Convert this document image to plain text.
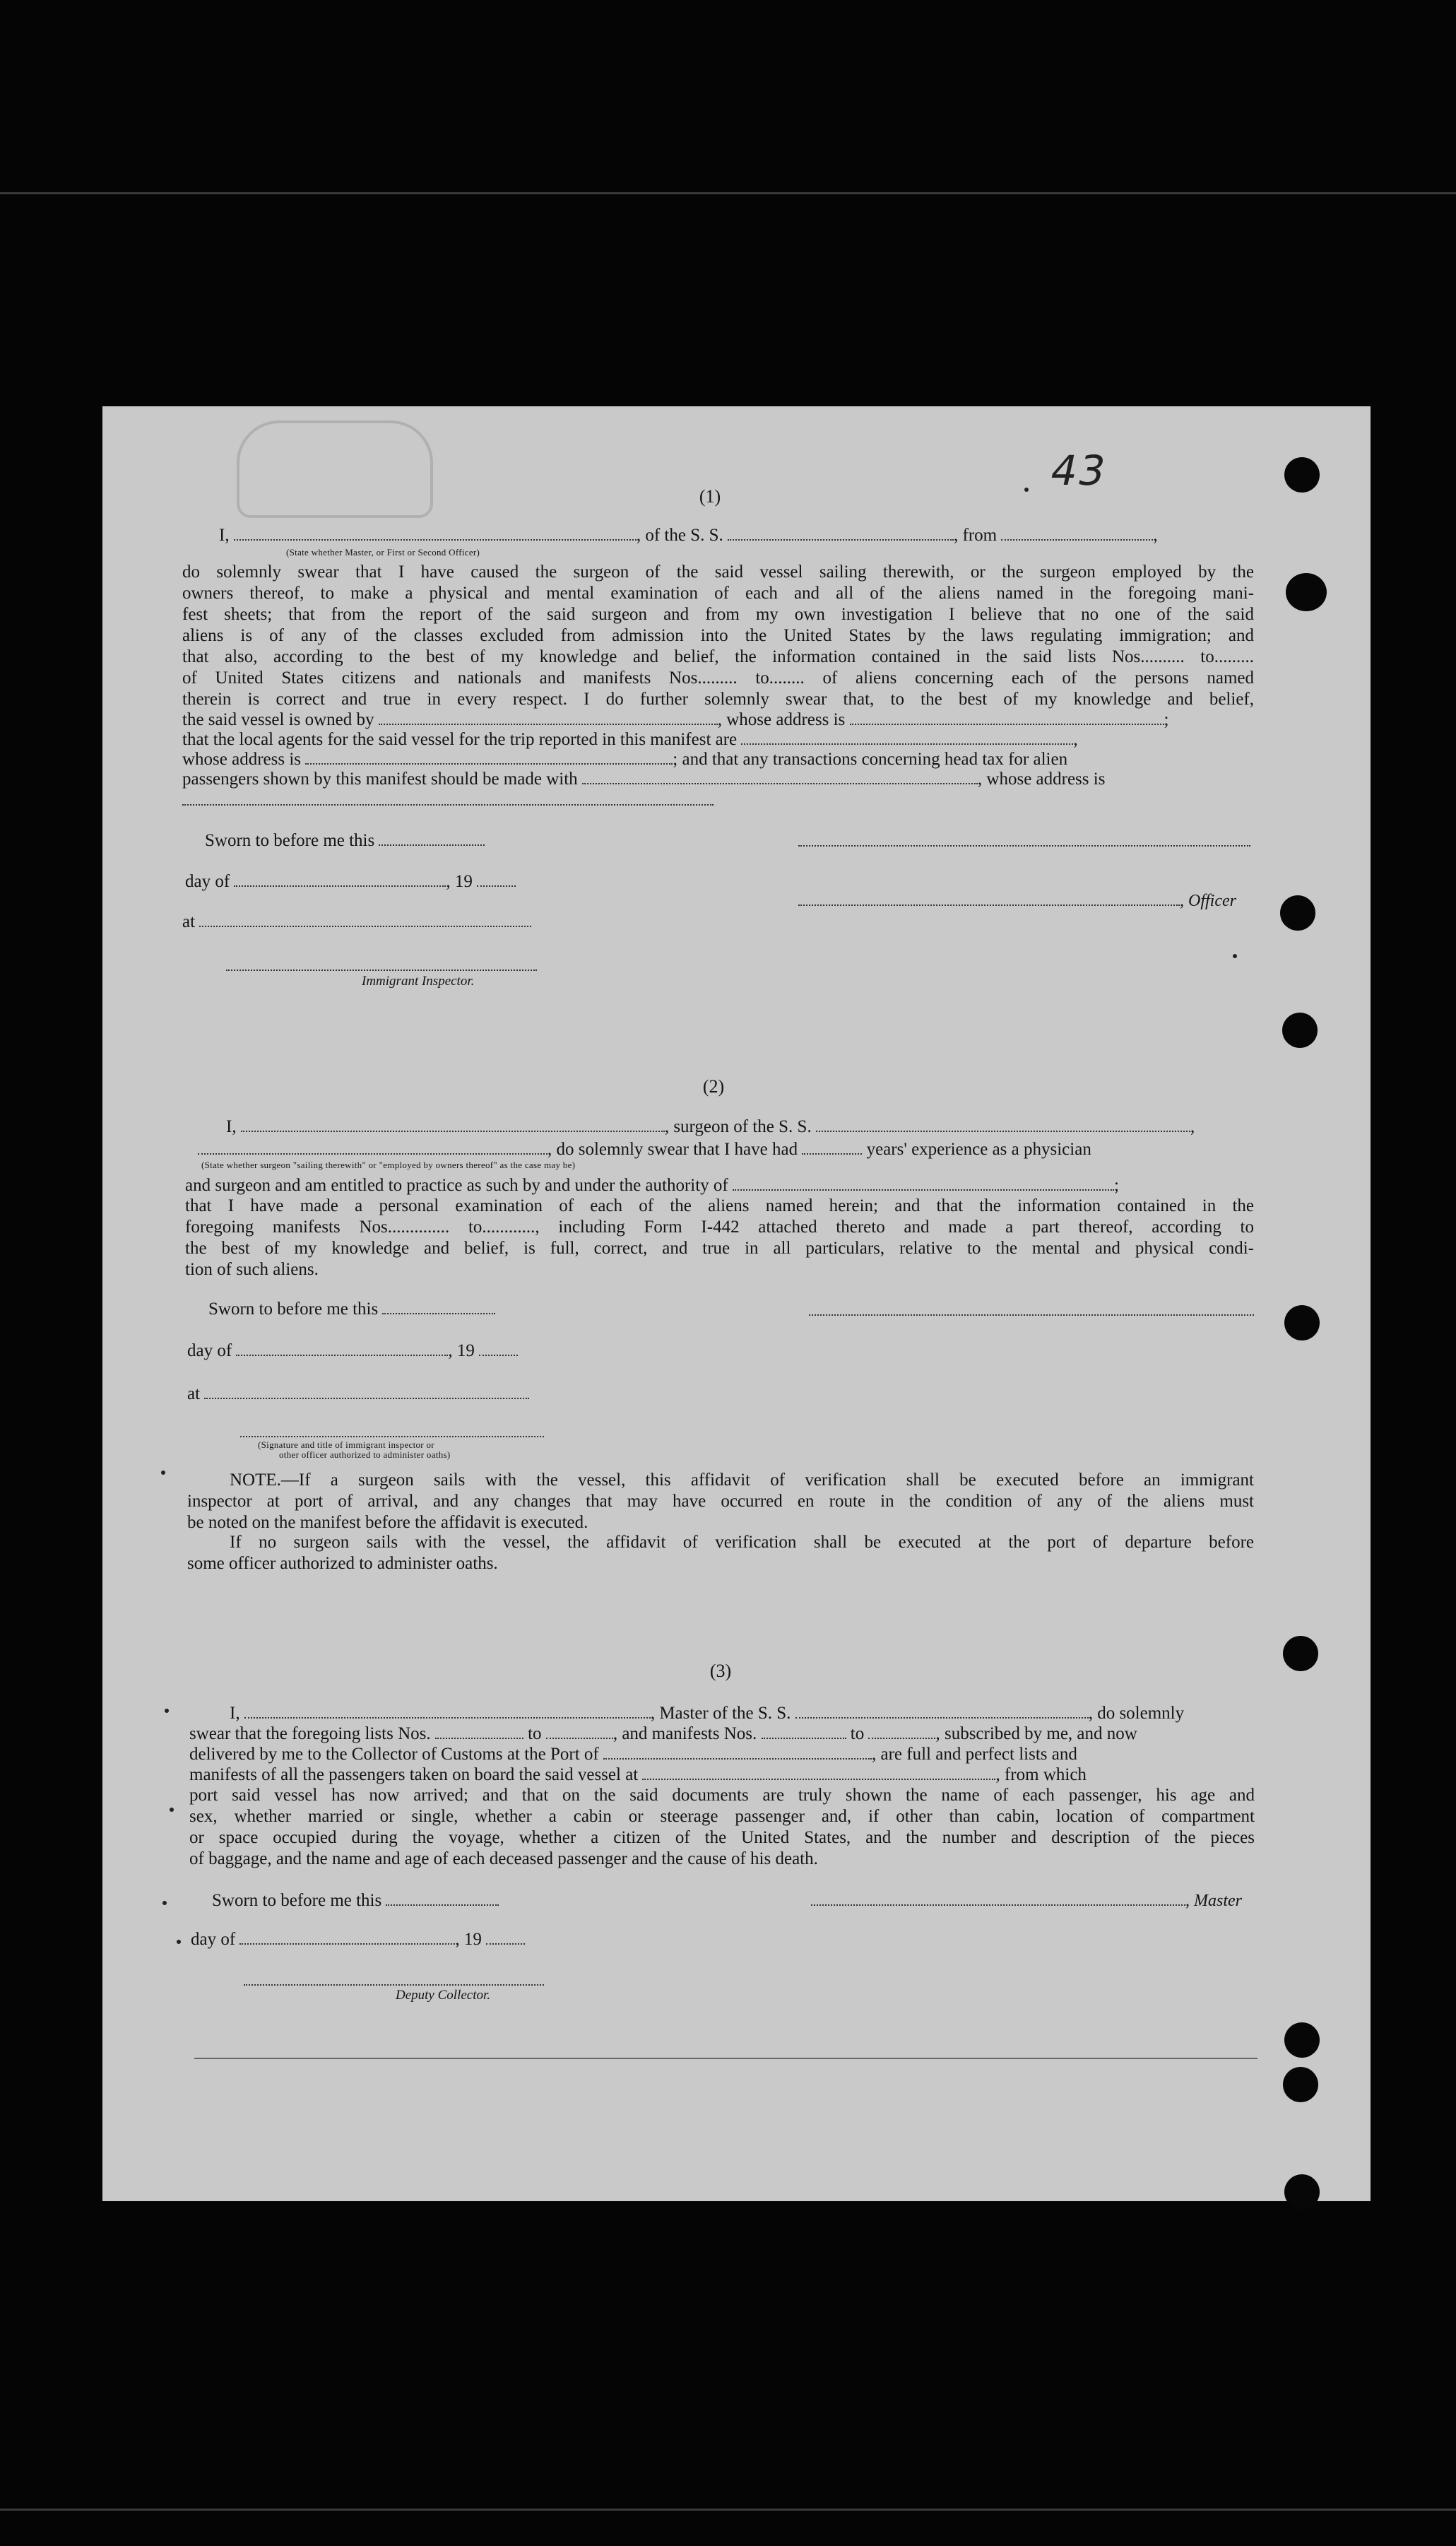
43
(1)
I,	, of the S. S.	, from	,
(State whether Master, or First or Second Officer)
do solemnly swear that I have caused the surgeon of the said vessel sailing therewith, or the surgeon employed by the
owners thereof, to make a physical and mental examination of each and all of the aliens named in the foregoing mani-
fest sheets; that from the report of the said surgeon and from my own investigation I believe that no one of the said
aliens is of any of the classes excluded from admission into the United States by the laws regulating immigration; and
that also, according to the best of my knowledge and belief, the information contained in the said lists Nos.......... to.........
of United States citizens and nationals and manifests Nos......... to........ of aliens concerning each of the persons named
therein is correct and true in every respect. I do further solemnly swear that, to the best of my knowledge and belief,
the said vessel is owned by	, whose address is	;
that the local agents for the said vessel for the trip reported in this manifest are	,
whose address is	; and that any transactions concerning head tax for alien
passengers shown by this manifest should be made with	, whose address is
Sworn to before me this
day of	, 19
, Officer
at
Immigrant Inspector.
(2)
I,	, surgeon of the S. S.	,
, do solemnly swear that I have had	years' experience as a physician
(State whether surgeon "sailing therewith" or "employed by owners thereof" as the case may be)
and surgeon and am entitled to practice as such by and under the authority of	;
that I have made a personal examination of each of the aliens named herein; and that the information contained in the
foregoing manifests Nos.............. to............, including Form I-442 attached thereto and made a part thereof, according to
the best of my knowledge and belief, is full, correct, and true in all particulars, relative to the mental and physical condi-
tion of such aliens.
Sworn to before me this
day of	, 19
at
(Signature and title of immigrant inspector or
other officer authorized to administer oaths)
NOTE.—If a surgeon sails with the vessel, this affidavit of verification shall be executed before an immigrant
inspector at port of arrival, and any changes that may have occurred en route in the condition of any of the aliens must
be noted on the manifest before the affidavit is executed.
If no surgeon sails with the vessel, the affidavit of verification shall be executed at the port of departure before
some officer authorized to administer oaths.
(3)
I,	, Master of the S. S.	, do solemnly
swear that the foregoing lists Nos.	to	, and manifests Nos.	to	, subscribed by me, and now
delivered by me to the Collector of Customs at the Port of	, are full and perfect lists and
manifests of all the passengers taken on board the said vessel at	, from which
port said vessel has now arrived; and that on the said documents are truly shown the name of each passenger, his age and
sex, whether married or single, whether a cabin or steerage passenger and, if other than cabin, location of compartment
or space occupied during the voyage, whether a citizen of the United States, and the number and description of the pieces
of baggage, and the name and age of each deceased passenger and the cause of his death.
Sworn to before me this	, Master
day of	, 19
Deputy Collector.
